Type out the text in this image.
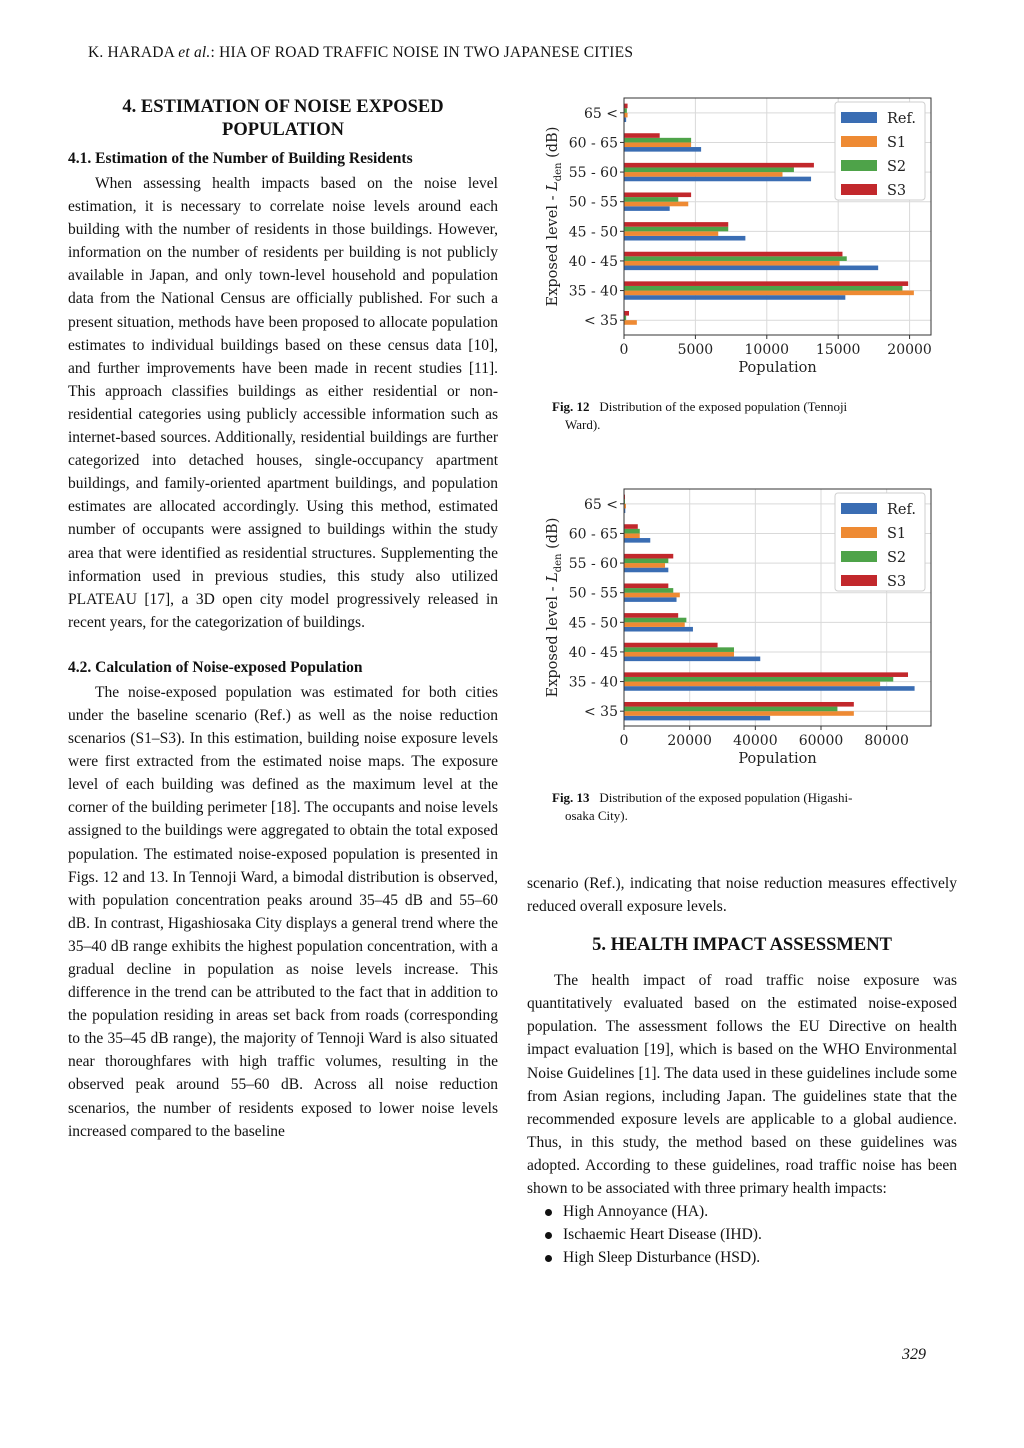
K. HARADA et al.: HIA OF ROAD TRAFFIC NOISE IN TWO JAPANESE CITIES
4. ESTIMATION OF NOISE EXPOSED
POPULATION
4.1. Estimation of the Number of Building Residents

When assessing health impacts based on the noise level estimation, it is necessary to correlate noise levels around each building with the number of residents in those buildings. However, information on the number of residents per building is not publicly available in Japan, and only town-level household and population data from the National Census are officially published. For such a present situation, methods have been proposed to allocate population estimates to individual buildings based on these census data [10], and further improvements have been made in recent studies [11]. This approach classifies buildings as either residential or non-residential categories using publicly accessible information such as internet-based sources. Additionally, residential buildings are further categorized into detached houses, single-occupancy apartment buildings, and family-oriented apartment buildings, and population estimates are allocated accordingly. Using this method, estimated number of occupants were assigned to buildings within the study area that were identified as residential structures. Supplementing the information used in previous studies, this study also utilized PLATEAU [17], a 3D open city model progressively released in recent years, for the categorization of buildings.

4.2. Calculation of Noise-exposed Population

The noise-exposed population was estimated for both cities under the baseline scenario (Ref.) as well as the noise reduction scenarios (S1–S3). In this estimation, building noise exposure levels were first extracted from the estimated noise maps. The exposure level of each building was defined as the maximum level at the corner of the building perimeter [18]. The occupants and noise levels assigned to the buildings were aggregated to obtain the total exposed population. The estimated noise-exposed population is presented in Figs. 12 and 13. In Tennoji Ward, a bimodal distribution is observed, with population concentration peaks around 35–45 dB and 55–60 dB. In contrast, Higashiosaka City displays a general trend where the 35–40 dB range exhibits the highest population concentration, with a gradual decline in population as noise levels increase. This difference in the trend can be attributed to the fact that in addition to the population residing in areas set back from roads (corresponding to the 35–45 dB range), the majority of Tennoji Ward is also situated near thoroughfares with high traffic volumes, resulting in the observed peak around 55–60 dB. Across all noise reduction scenarios, the number of residents exposed to lower noise levels increased compared to the baseline

< 35
35 - 40
40 - 45
45 - 50
50 - 55
55 - 60
60 - 65
65 <
0	5000 10000 15000 20000
Population
Exposed level - $L_{den}$ (dB)
Ref.
S1
S2
S3
Fig. 12 Distribution of the exposed population (Tennoji
Ward).
< 35
35 - 40
40 - 45
45 - 50
50 - 55
55 - 60
60 - 65
65 <
0	20000 40000 60000 80000
Population
Exposed level - $L_{den}$ (dB)
Ref.
S1
S2
S3
Fig. 13 Distribution of the exposed population (Higashi-
osaka City).

scenario (Ref.), indicating that noise reduction measures effectively reduced overall exposure levels.

5. HEALTH IMPACT ASSESSMENT

The health impact of road traffic noise exposure was quantitatively evaluated based on the estimated noise-exposed population. The assessment follows the EU Directive on health impact evaluation [19], which is based on the WHO Environmental Noise Guidelines [1]. The data used in these guidelines include some from Asian regions, including Japan. The guidelines state that the recommended exposure levels are applicable to a global audience. Thus, in this study, the method based on these guidelines was adopted. According to these guidelines, road traffic noise has been shown to be associated with three primary health impacts:

High Annoyance (HA).
Ischaemic Heart Disease (IHD).
High Sleep Disturbance (HSD).
329
